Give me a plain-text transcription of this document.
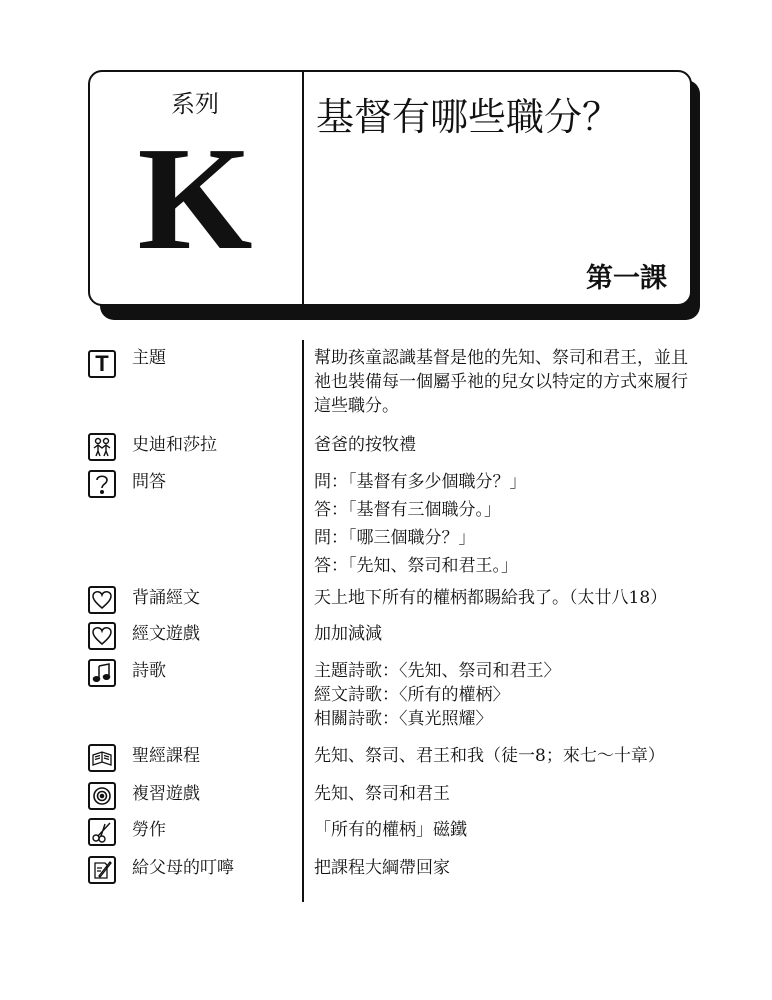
系列
K	基督有哪些職分？
第一課
T 主題	幫助孩童認識基督是他的先知、祭司和君王，並且
祂也裝備每一個屬乎祂的兒女以特定的方式來履行
這些職分。
史迪和莎拉	爸爸的按牧禮
問答	問：「基督有多少個職分？」
答：「基督有三個職分。」
問：「哪三個職分？」
答：「先知、祭司和君王。」
背誦經文	天上地下所有的權柄都賜給我了。（太廿八18）
經文遊戲	加加減減
詩歌	主題詩歌：〈先知、祭司和君王〉
經文詩歌：〈所有的權柄〉
相關詩歌：〈真光照耀〉
聖經課程	先知、祭司、君王和我（徒一8；來七～十章）
複習遊戲	先知、祭司和君王
勞作	「所有的權柄」磁鐵
給父母的叮嚀	把課程大綱帶回家
